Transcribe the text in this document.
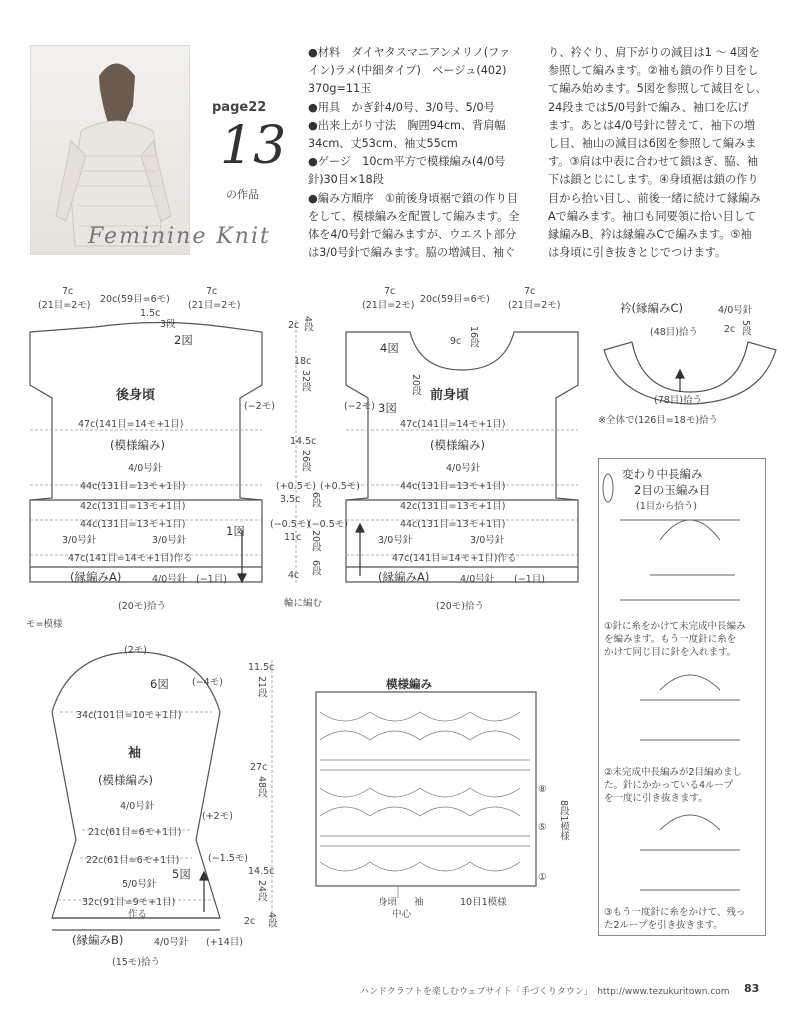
page22
13
の作品
Feminine Knit
●材料　ダイヤタスマニアンメリノ(ファ
イン)ラメ(中細タイプ)　ベージュ(402)
370g=11玉
●用具　かぎ針4/0号、3/0号、5/0号
●出来上がり寸法　胸囲94cm、背肩幅
34cm、丈53cm、袖丈55cm
●ゲージ　10cm平方で模様編み(4/0号
針)30目×18段
●編み方順序　①前後身頃裾で鎖の作り目
をして、模様編みを配置して編みます。全
体を4/0号針で編みますが、ウエスト部分
は3/0号針で編みます。脇の増減目、袖ぐ
り、衿ぐり、肩下がりの減目は1 ～ 4図を
参照して編みます。②袖も鎖の作り目をし
て編み始めます。5図を参照して減目をし、
24段までは5/0号針で編み、袖口を広げ
ます。あとは4/0号針に替えて、袖下の増
し目、袖山の減目は6図を参照して編みま
す。③肩は中表に合わせて鎖はぎ、脇、袖
下は鎖とじにします。④身頃裾は鎖の作り
目から拾い目し、前後一緒に続けて縁編み
Aで編みます。袖口も同要領に拾い目して
縁編みB、衿は縁編みCで編みます。⑤袖
は身頃に引き抜きとじでつけます。
7c
(21目=2モ)
20c(59目=6モ)
7c
(21目=2モ)
1.5c
3段
2図
後身頃
(−2モ)
47c(141目=14モ+1目)
(模様編み)
4/0号針
44c(131目=13モ+1目)
42c(131目=13モ+1目)
44c(131目=13モ+1目)
3/0号針	3/0号針
1図
47c(141目=14モ+1目)作る
(縁編みA)	4/0号針 (−1目)
(20モ)拾う
モ=模様
2c 4段
18c
32段
14.5c
26段
(+0.5モ) (+0.5モ)
3.5c 6段
(−0.5モ)
(−0.5モ)
11c 20段
4c 6段
輪に編む
7c
(21目=2モ)
20c(59目=6モ)
7c
(21目=2モ)
9c 16段
4図
20段 前身頃
3図
(−2モ)
47c(141目=14モ+1目)
(模様編み)
4/0号針
44c(131目=13モ+1目)
42c(131目=13モ+1目)
44c(131目=13モ+1目)
3/0号針	3/0号針
47c(141目=14モ+1目)作る
(縁編みA)	4/0号針 (−1目)
(20モ)拾う
衿(縁編みC)	4/0号針
(48目)拾う	2c 5段
(78目)拾う
※全体で(126目=18モ)拾う
(2モ)
6図 (−4モ)
34c(101目=10モ+1目)
袖
(模様編み)
4/0号針
(+2モ)
21c(61目=6モ+1目)
22c(61目=6モ+1目)	(−1.5モ)
5図
5/0号針
32c(91目=9モ+1目)
作る
(縁編みB)	4/0号針 (+14目)
(15モ)拾う
11.5c
21段
27c
48段
14.5c
24段
2c 4段
模様編み
⑧
⑤
①
8段1模様
身頃 袖
中心
10目1模様
変わり中長編み
2目の玉編み目
(1目から拾う)
①針に糸をかけて未完成中長編み
を編みます。もう一度針に糸を
かけて同じ目に針を入れます。
②未完成中長編みが2目編めまし
た。針にかかっている4ループ
を一度に引き抜きます。
③もう一度針に糸をかけて、残っ
た2ループを引き抜きます。
ハンドクラフトを楽しむウェブサイト「手づくりタウン」　http://www.tezukuritown.com 83
